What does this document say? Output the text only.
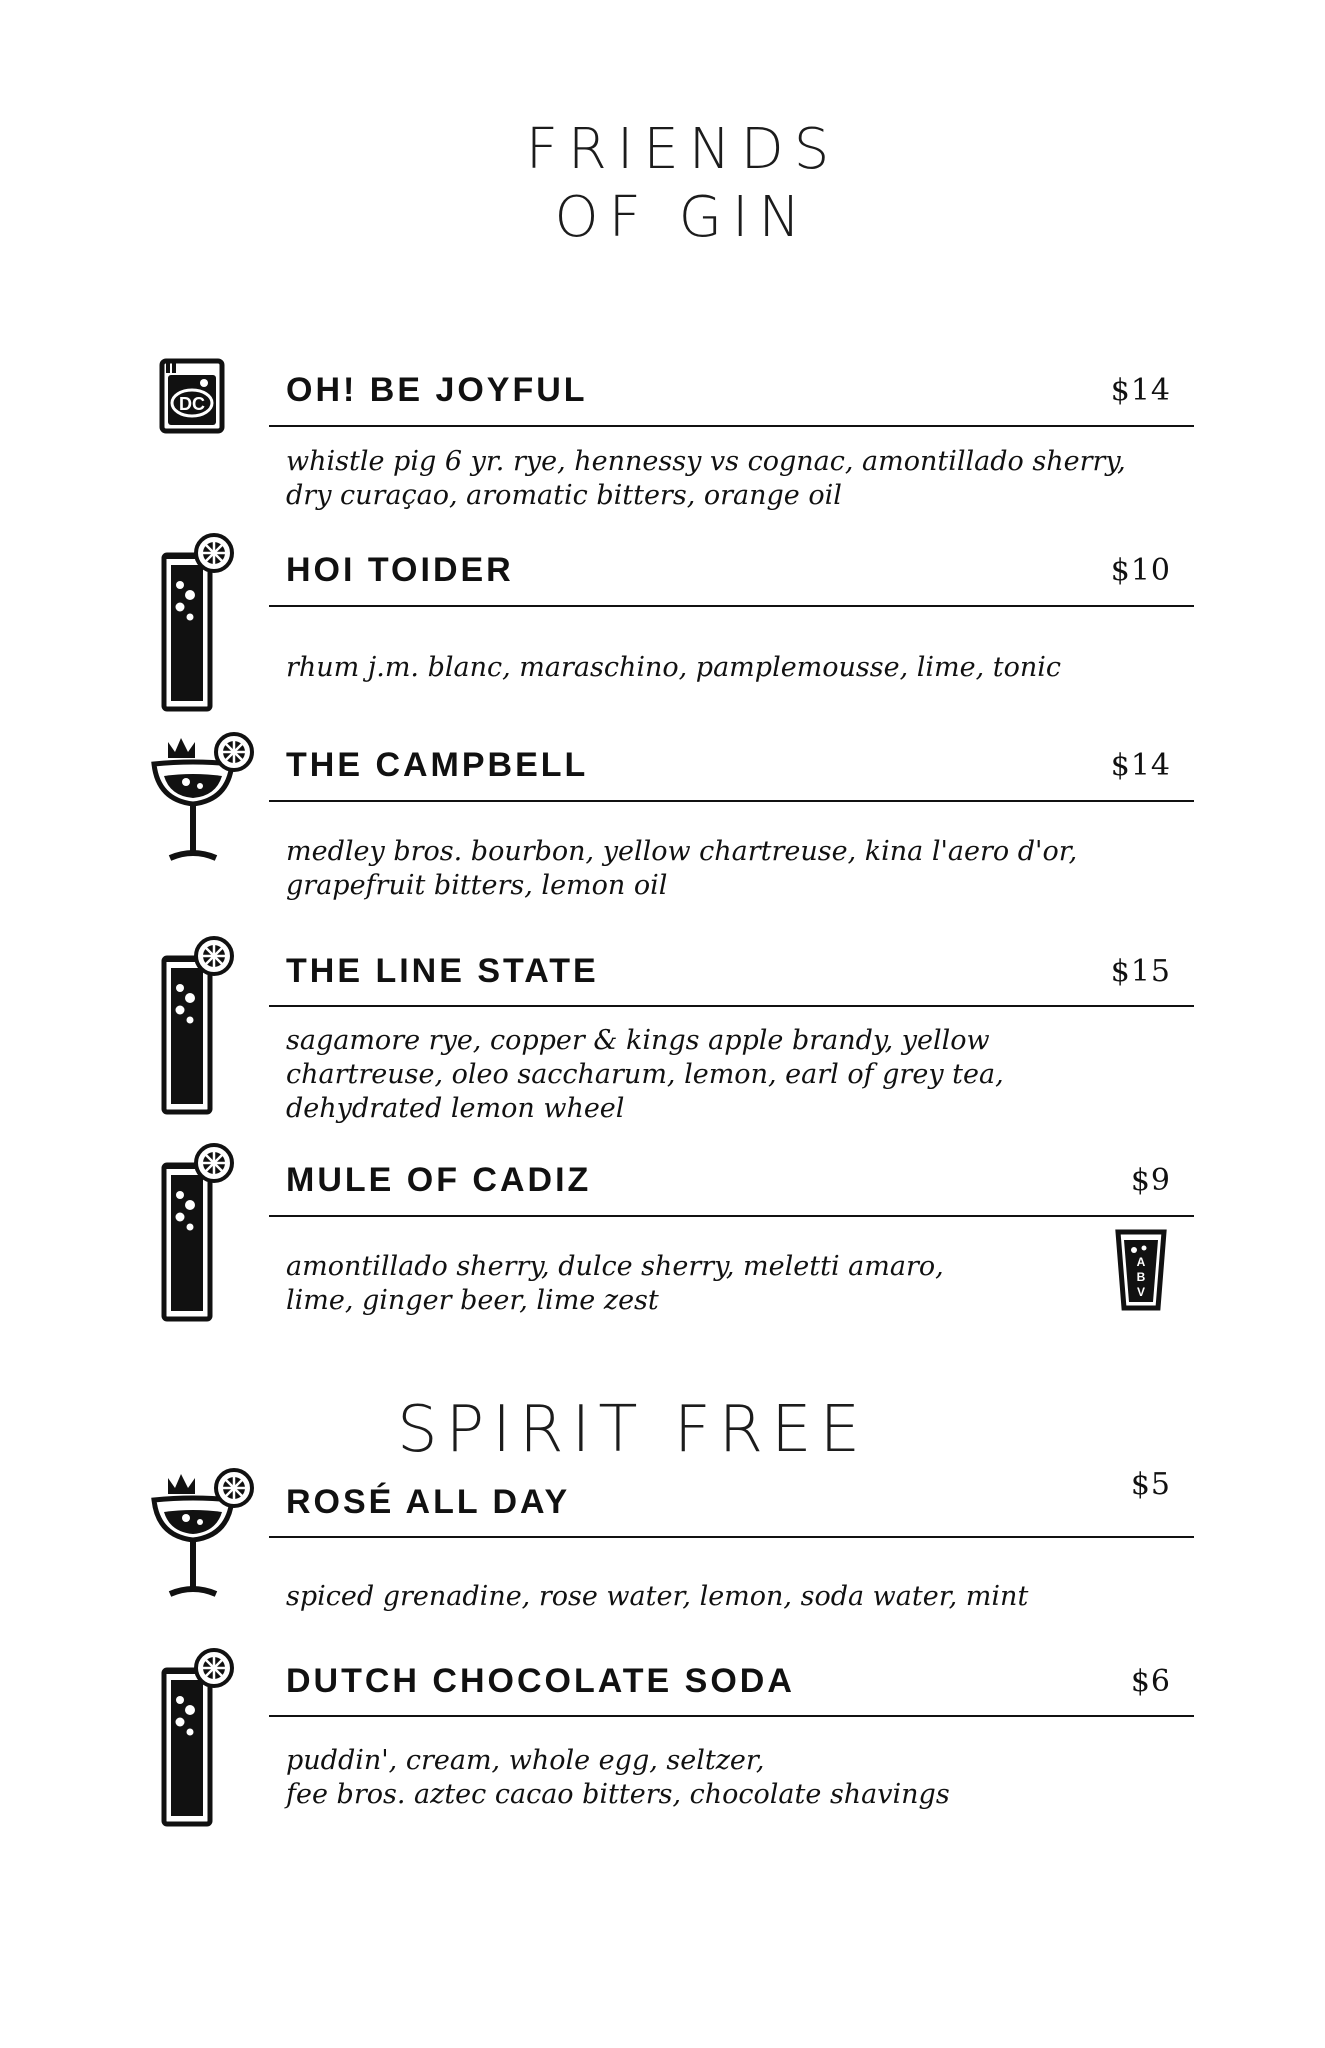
FRIENDS
OF GIN
DC OH! BE JOYFUL	$14
whistle pig 6 yr. rye, hennessy vs cognac, amontillado sherry,
dry curaçao, aromatic bitters, orange oil
HOI TOIDER	$10
rhum j.m. blanc, maraschino, pamplemousse, lime, tonic
THE CAMPBELL	$14
medley bros. bourbon, yellow chartreuse, kina l'aero d'or,
grapefruit bitters, lemon oil
THE LINE STATE	$15
sagamore rye, copper & kings apple brandy, yellow
chartreuse, oleo saccharum, lemon, earl of grey tea,
dehydrated lemon wheel
MULE OF CADIZ	$9
amontillado sherry, dulce sherry, meletti amaro,
lime, ginger beer, lime zest
A
B
V
SPIRIT FREE
ROSÉ ALL DAY	$5
spiced grenadine, rose water, lemon, soda water, mint
DUTCH CHOCOLATE SODA	$6
puddin', cream, whole egg, seltzer,
fee bros. aztec cacao bitters, chocolate shavings
